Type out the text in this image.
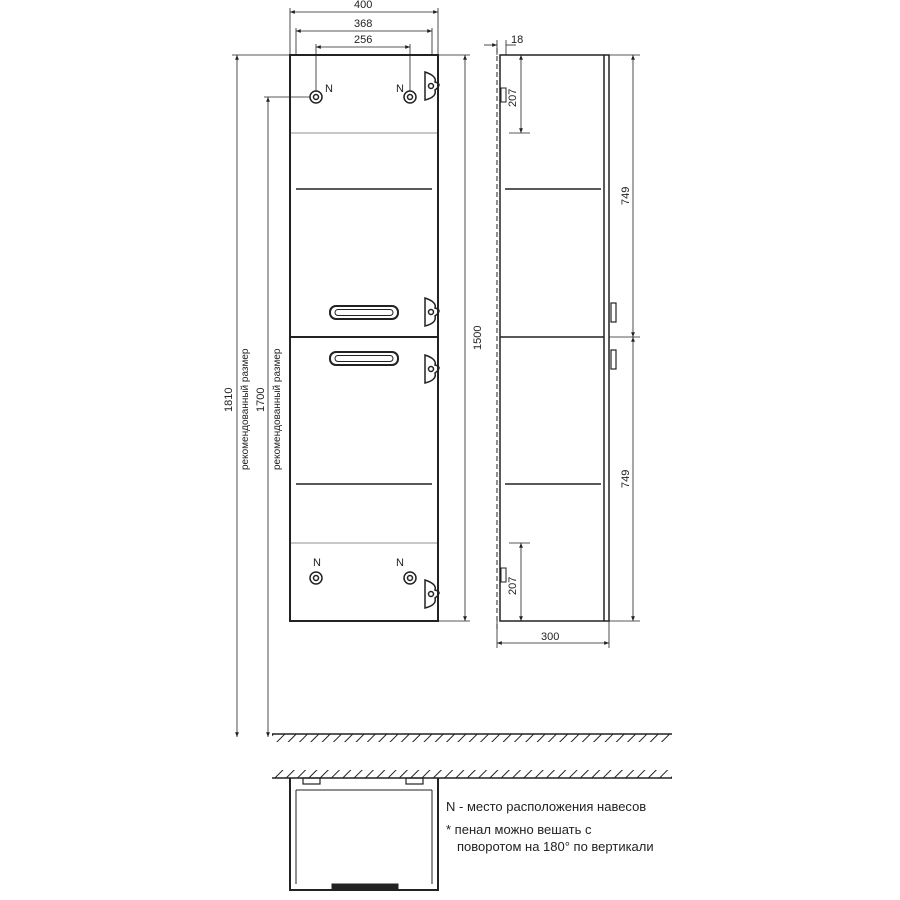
N	N
N	N
400
368
256
1500
1810 рекомендованный размер 1700 рекомендованный размер
18
207
207
749
749
300
N - место расположения навесов
* пенал можно вешать с
поворотом на 180° по вертикали
